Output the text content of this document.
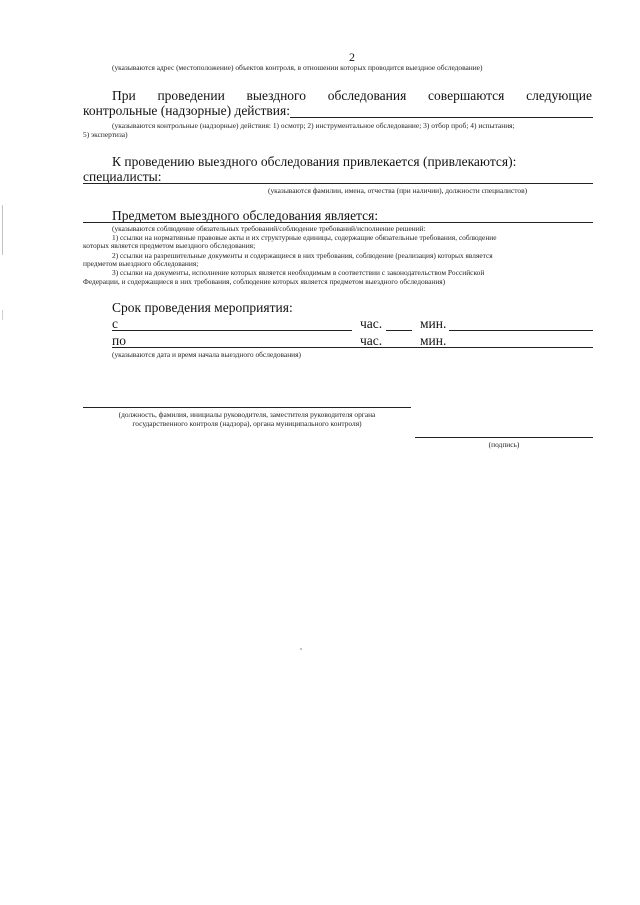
2
(указываются адрес (местоположение) объектов контроля, в отношении которых проводится выездное обследование)
При проведении выездного обследования совершаются следующие
контрольные (надзорные) действия:
(указываются контрольные (надзорные) действия: 1) осмотр; 2) инструментальное обследование; 3) отбор проб; 4) испытания;
5) экспертиза)
К проведению выездного обследования привлекается (привлекаются):
специалисты:
(указываются фамилии, имена, отчества (при наличии), должности специалистов)
Предметом выездного обследования является:
(указываются соблюдение обязательных требований/соблюдение требований/исполнение решений:
1) ссылки на нормативные правовые акты и их структурные единицы, содержащие обязательные требования, соблюдение
которых является предметом выездного обследования;
2) ссылки на разрешительные документы и содержащиеся в них требования, соблюдение (реализация) которых является
предметом выездного обследования;
3) ссылки на документы, исполнение которых является необходимым в соответствии с законодательством Российской
Федерации, и содержащиеся в них требования, соблюдение которых является предметом выездного обследования)
Срок проведения мероприятия:
с	час.	мин.
по	час.	мин.
(указываются дата и время начала выездного обследования)
(должность, фамилия, инициалы руководителя, заместителя руководителя органа
государственного контроля (надзора), органа муниципального контроля)
(подпись)
